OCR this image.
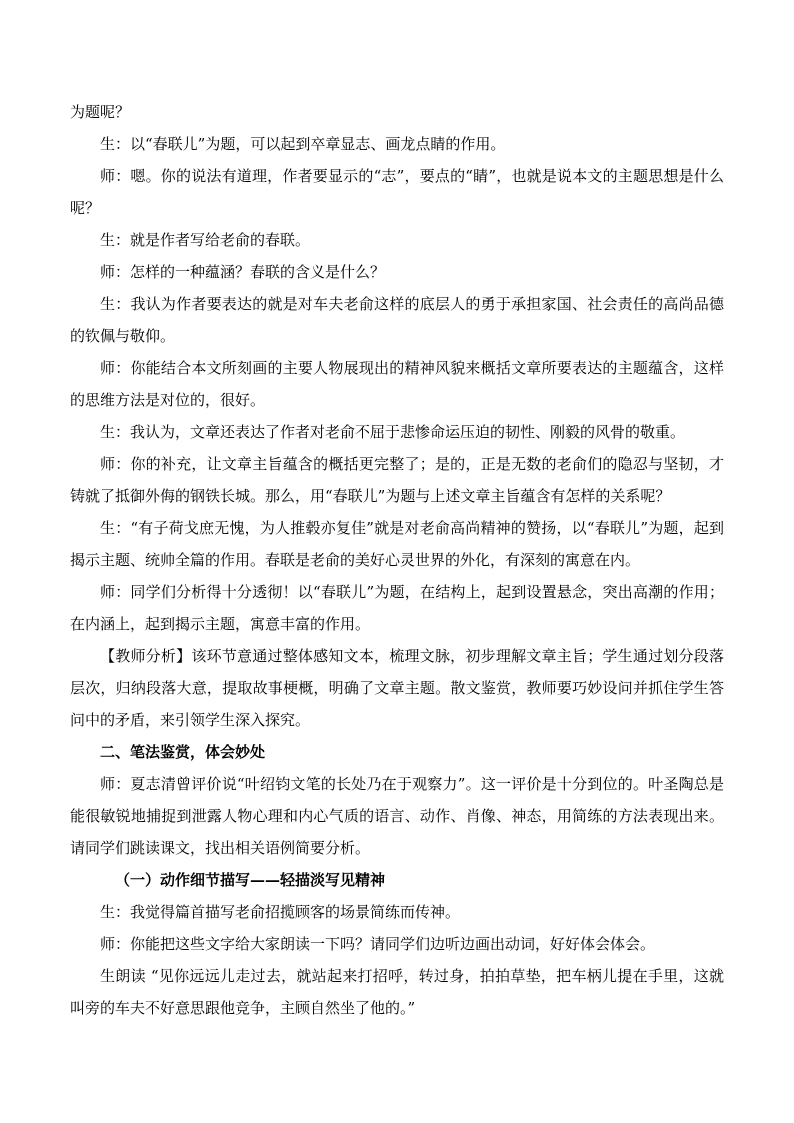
为题呢？

生：以“春联儿”为题，可以起到卒章显志、画龙点睛的作用。

师：嗯。你的说法有道理，作者要显示的“志”，要点的“睛”，也就是说本文的主题思想是什么呢？

生：就是作者写给老俞的春联。

师：怎样的一种蕴涵？春联的含义是什么？

生：我认为作者要表达的就是对车夫老俞这样的底层人的勇于承担家国、社会责任的高尚品德的钦佩与敬仰。

师：你能结合本文所刻画的主要人物展现出的精神风貌来概括文章所要表达的主题蕴含，这样的思维方法是对位的，很好。

生：我认为，文章还表达了作者对老俞不屈于悲惨命运压迫的韧性、刚毅的风骨的敬重。

师：你的补充，让文章主旨蕴含的概括更完整了；是的，正是无数的老俞们的隐忍与坚韧，才铸就了抵御外侮的钢铁长城。那么，用“春联儿”为题与上述文章主旨蕴含有怎样的关系呢？

生：“有子荷戈庶无愧，为人推毂亦复佳”就是对老俞高尚精神的赞扬，以“春联儿”为题，起到揭示主题、统帅全篇的作用。春联是老俞的美好心灵世界的外化，有深刻的寓意在内。

师：同学们分析得十分透彻！以“春联儿”为题，在结构上，起到设置悬念，突出高潮的作用；在内涵上，起到揭示主题，寓意丰富的作用。

【教师分析】该环节意通过整体感知文本，梳理文脉，初步理解文章主旨；学生通过划分段落层次，归纳段落大意，提取故事梗概，明确了文章主题。散文鉴赏，教师要巧妙设问并抓住学生答问中的矛盾，来引领学生深入探究。

二、笔法鉴赏，体会妙处

师：夏志清曾评价说“叶绍钧文笔的长处乃在于观察力”。这一评价是十分到位的。叶圣陶总是能很敏锐地捕捉到泄露人物心理和内心气质的语言、动作、肖像、神态，用简练的方法表现出来。请同学们跳读课文，找出相关语例简要分析。

（一）动作细节描写——轻描淡写见精神

生：我觉得篇首描写老俞招揽顾客的场景简练而传神。

师：你能把这些文字给大家朗读一下吗？请同学们边听边画出动词，好好体会体会。

生朗读 “见你远远儿走过去，就站起来打招呼，转过身，拍拍草垫，把车柄儿提在手里，这就叫旁的车夫不好意思跟他竞争，主顾自然坐了他的。”
